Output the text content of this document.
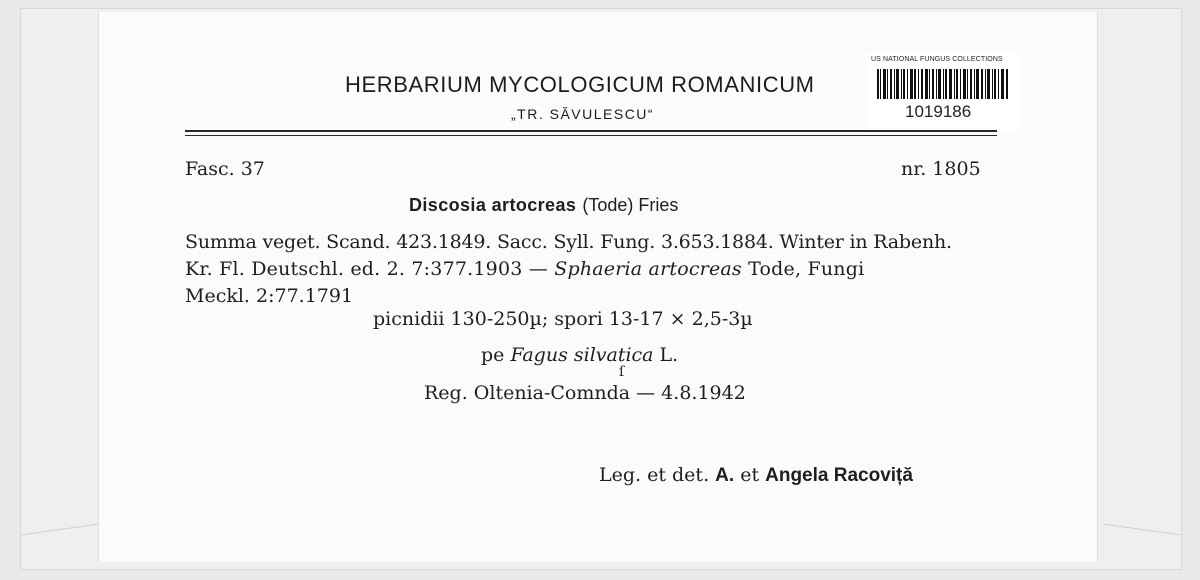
HERBARIUM MYCOLOGICUM ROMANICUM
„TR. SĂVULESCU“
US NATIONAL FUNGUS COLLECTIONS
1019186
Fasc. 37	nr. 1805
Discosia artocreas (Tode) Fries
Summa veget. Scand. 423.1849. Sacc. Syll. Fung. 3.653.1884. Winter in Rabenh.
Kr. Fl. Deutschl. ed. 2. 7:377.1903 — Sphaeria artocreas Tode, Fungi
Meckl. 2:77.1791
picnidii 130-250µ; spori 13-17 × 2,5-3µ
pe Fagus silvatica L.
ſ
Reg. Oltenia-Comnda — 4.8.1942
Leg. et det. A. et Angela Racoviță
